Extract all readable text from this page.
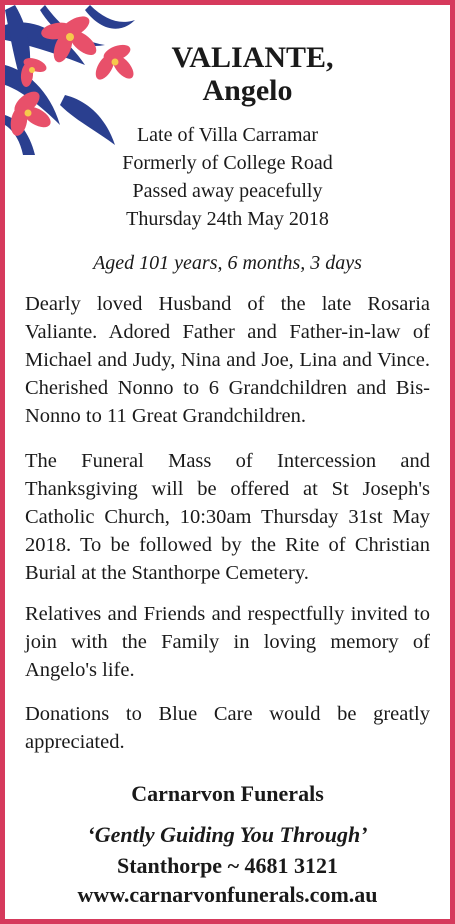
VALIANTE,
Angelo
Late of Villa Carramar
Formerly of College Road
Passed away peacefully
Thursday 24th May 2018
Aged 101 years, 6 months, 3 days
Dearly loved Husband of the late Rosaria Valiante. Adored Father and Father-in-law of Michael and Judy, Nina and Joe, Lina and Vince. Cherished Nonno to 6 Grandchildren and Bis-Nonno to 11 Great Grandchildren.
The Funeral Mass of Intercession and Thanksgiving will be offered at St Joseph's Catholic Church, 10:30am Thursday 31st May 2018. To be followed by the Rite of Christian Burial at the Stanthorpe Cemetery.
Relatives and Friends and respectfully invited to join with the Family in loving memory of Angelo's life.
Donations to Blue Care would be greatly appreciated.
Carnarvon Funerals
‘Gently Guiding You Through’
Stanthorpe ~ 4681 3121
www.carnarvonfunerals.com.au
